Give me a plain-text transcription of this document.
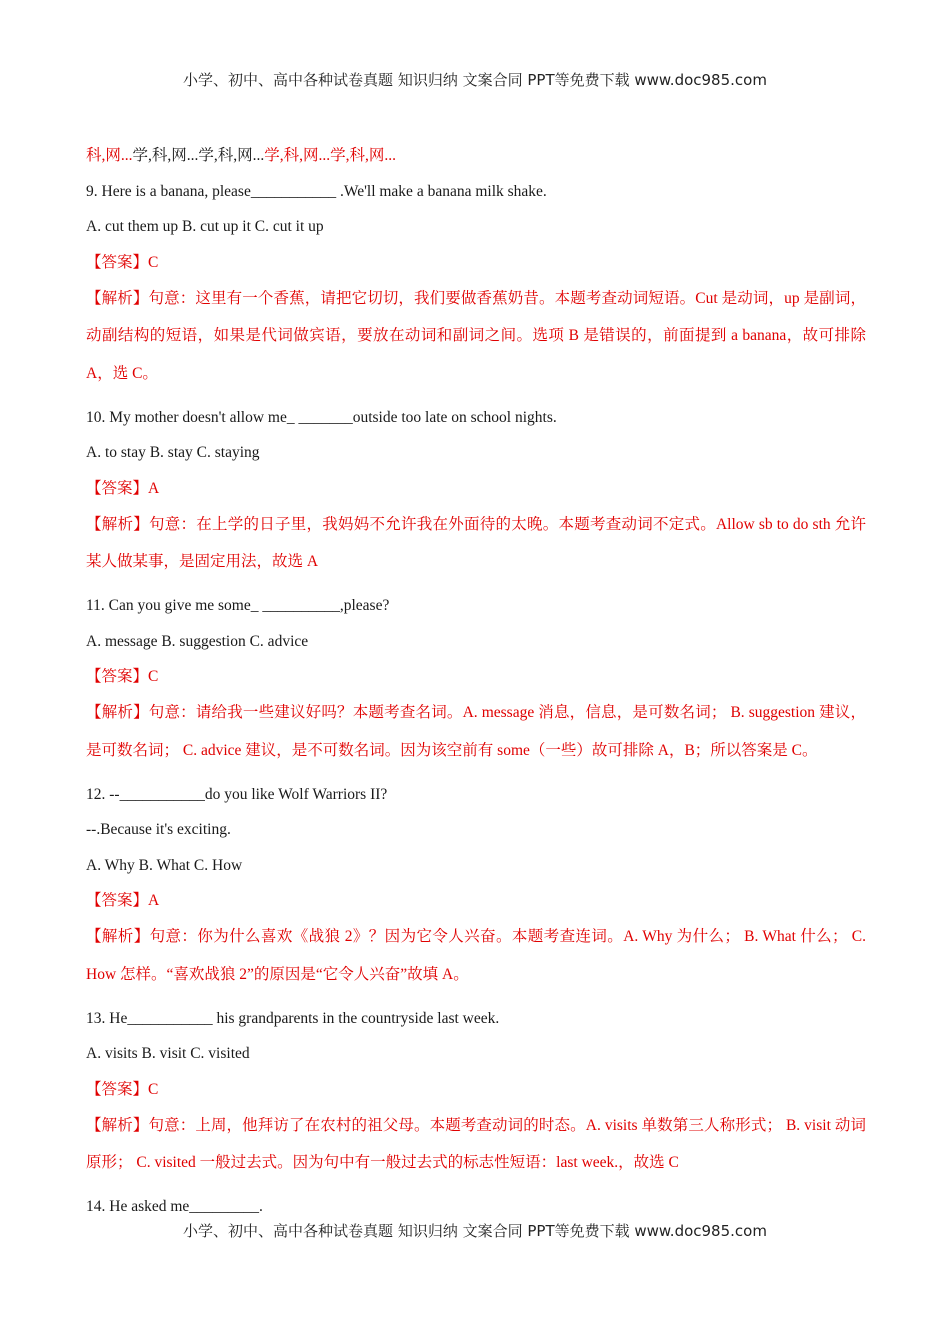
小学、初中、高中各种试卷真题 知识归纳 文案合同 PPT等免费下载 www.doc985.com
科,网...学,科,网...学,科,网...学,科,网...学,科,网...
9. Here is a banana, please___________ .We'll make a banana milk shake.
A. cut them up B. cut up it C. cut it up
【答案】C
【解析】句意：这里有一个香蕉，请把它切切，我们要做香蕉奶昔。本题考查动词短语。Cut 是动词，up 是副词，动副结构的短语，如果是代词做宾语，要放在动词和副词之间。选项 B 是错误的，前面提到 a banana，故可排除 A，选 C。
10. My mother doesn't allow me_ _______outside too late on school nights.
A. to stay B. stay C. staying
【答案】A
【解析】句意：在上学的日子里，我妈妈不允许我在外面待的太晚。本题考查动词不定式。Allow sb to do sth 允许某人做某事，是固定用法，故选 A
11. Can you give me some_ __________,please?
A. message B. suggestion C. advice
【答案】C
【解析】句意：请给我一些建议好吗？本题考查名词。A. message 消息，信息，是可数名词； B. suggestion 建议，是可数名词； C. advice 建议，是不可数名词。因为该空前有 some（一些）故可排除 A，B；所以答案是 C。
12. --___________do you like Wolf Warriors II?
--.Because it's exciting.
A. Why B. What C. How
【答案】A
【解析】句意：你为什么喜欢《战狼 2》？因为它令人兴奋。本题考查连词。A. Why 为什么； B. What 什么； C. How 怎样。“喜欢战狼 2”的原因是“它令人兴奋”故填 A。
13. He___________ his grandparents in the countryside last week.
A. visits B. visit C. visited
【答案】C
【解析】句意：上周，他拜访了在农村的祖父母。本题考查动词的时态。A. visits 单数第三人称形式； B. visit 动词原形； C. visited 一般过去式。因为句中有一般过去式的标志性短语：last week.，故选 C
14. He asked me_________.
小学、初中、高中各种试卷真题 知识归纳 文案合同 PPT等免费下载 www.doc985.com
